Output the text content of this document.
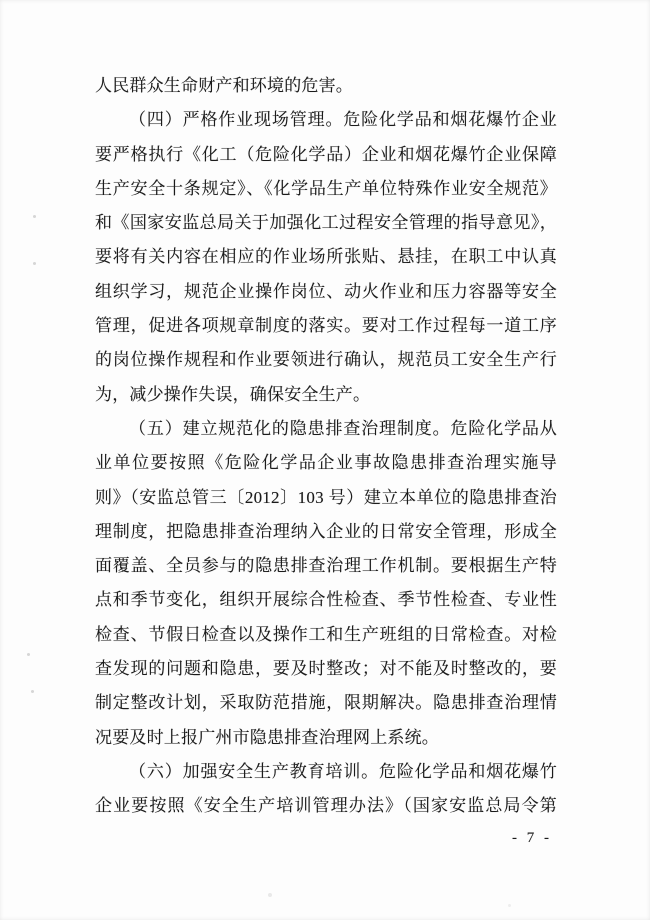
人民群众生命财产和环境的危害。
（四）严格作业现场管理。危险化学品和烟花爆竹企业
要严格执行《化工（危险化学品）企业和烟花爆竹企业保障
生产安全十条规定》、《化学品生产单位特殊作业安全规范》
和《国家安监总局关于加强化工过程安全管理的指导意见》，
要将有关内容在相应的作业场所张贴、悬挂，在职工中认真
组织学习，规范企业操作岗位、动火作业和压力容器等安全
管理，促进各项规章制度的落实。要对工作过程每一道工序
的岗位操作规程和作业要领进行确认，规范员工安全生产行
为，减少操作失误，确保安全生产。
（五）建立规范化的隐患排查治理制度。危险化学品从
业单位要按照《危险化学品企业事故隐患排查治理实施导
则》（安监总管三〔2012〕103 号）建立本单位的隐患排查治
理制度，把隐患排查治理纳入企业的日常安全管理，形成全
面覆盖、全员参与的隐患排查治理工作机制。要根据生产特
点和季节变化，组织开展综合性检查、季节性检查、专业性
检查、节假日检查以及操作工和生产班组的日常检查。对检
查发现的问题和隐患，要及时整改；对不能及时整改的，要
制定整改计划，采取防范措施，限期解决。隐患排查治理情
况要及时上报广州市隐患排查治理网上系统。
（六）加强安全生产教育培训。危险化学品和烟花爆竹
企业要按照《安全生产培训管理办法》（国家安监总局令第
- 7 -
